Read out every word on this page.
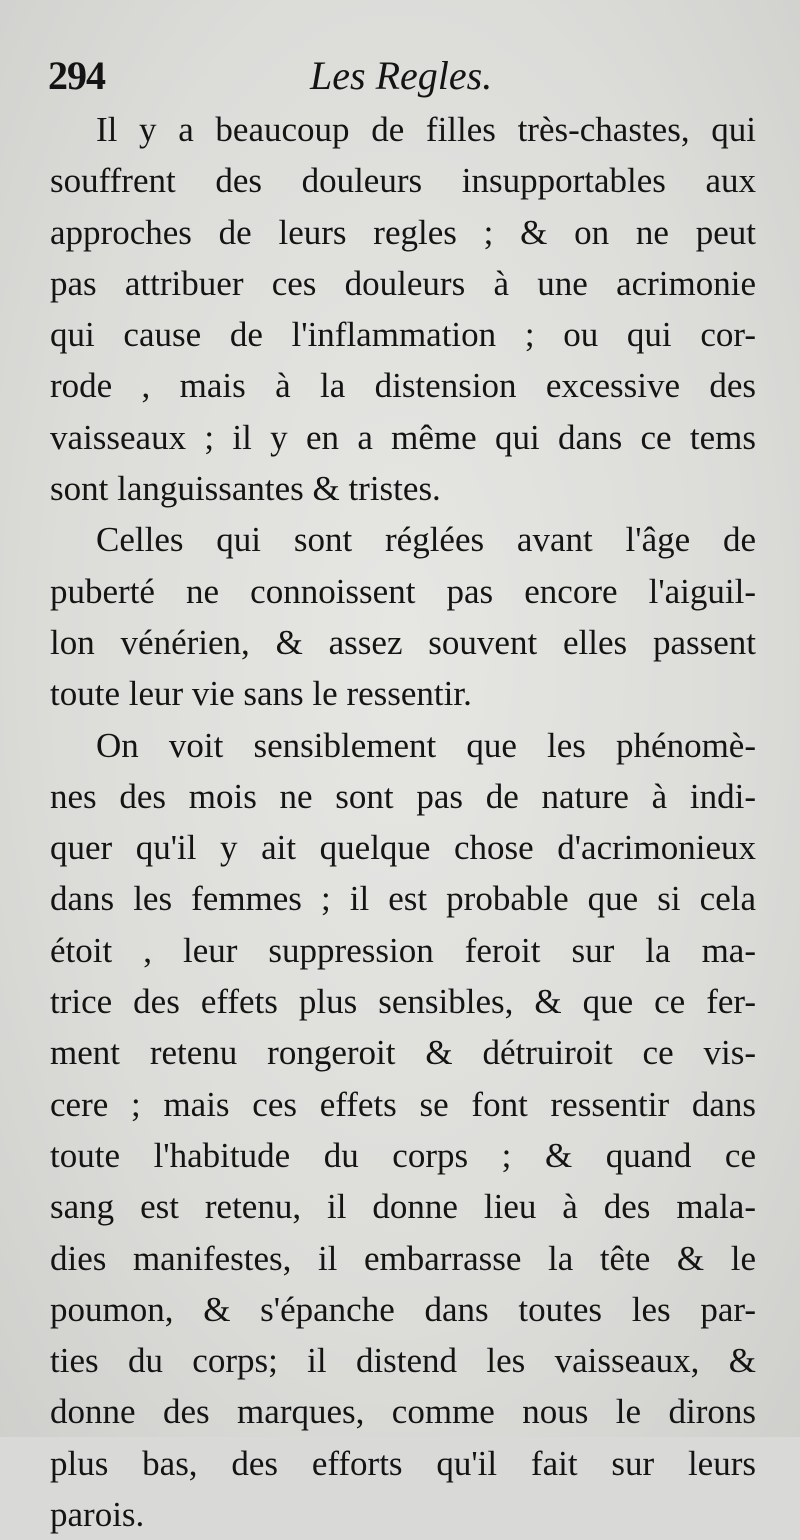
294	Les Regles.
Il y a beaucoup de filles très-chastes, qui
souffrent des douleurs insupportables aux
approches de leurs regles ; & on ne peut
pas attribuer ces douleurs à une acrimonie
qui cause de l'inflammation ; ou qui cor-
rode , mais à la distension excessive des
vaisseaux ; il y en a même qui dans ce tems
sont languissantes & tristes.
Celles qui sont réglées avant l'âge de
puberté ne connoissent pas encore l'aiguil-
lon vénérien, & assez souvent elles passent
toute leur vie sans le ressentir.
On voit sensiblement que les phénomè-
nes des mois ne sont pas de nature à indi-
quer qu'il y ait quelque chose d'acrimonieux
dans les femmes ; il est probable que si cela
étoit , leur suppression feroit sur la ma-
trice des effets plus sensibles, & que ce fer-
ment retenu rongeroit & détruiroit ce vis-
cere ; mais ces effets se font ressentir dans
toute l'habitude du corps ; & quand ce
sang est retenu, il donne lieu à des mala-
dies manifestes, il embarrasse la tête & le
poumon, & s'épanche dans toutes les par-
ties du corps; il distend les vaisseaux, &
donne des marques, comme nous le dirons
plus bas, des efforts qu'il fait sur leurs
parois.
